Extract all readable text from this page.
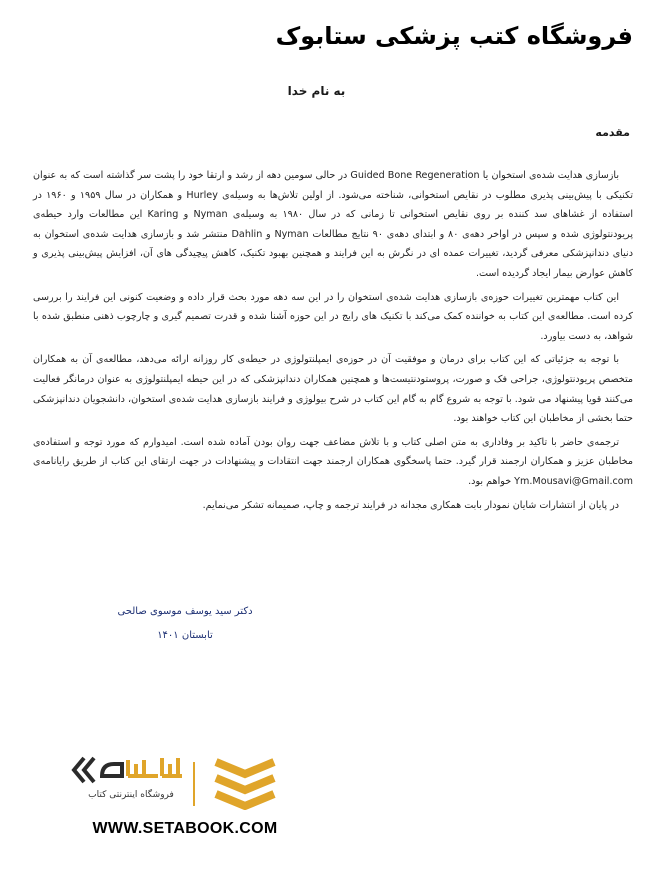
فروشگاه کتب پزشکی ستابوک
به نام خدا
مقدمه

بازسازی هدایت شده‌ی استخوان یا Guided Bone Regeneration در حالی سومین دهه از رشد و ارتقا خود را پشت سر گذاشته است که به عنوان تکنیکی با پیش‌بینی پذیری مطلوب در نقایص استخوانی، شناخته می‌شود. از اولین تلاش‌ها به وسیله‌ی Hurley و همکاران در سال ۱۹۵۹ و ۱۹۶۰ در استفاده از غشاهای سد کننده بر روی نقایص استخوانی تا زمانی که در سال ۱۹۸۰ به وسیله‌ی Nyman و Karing این مطالعات وارد حیطه‌ی پریودنتولوژی شده و سپس در اواخر دهه‌ی ۸۰ و ابتدای دهه‌ی ۹۰ نتایج مطالعات Nyman و Dahlin منتشر شد و بازسازی هدایت شده‌ی استخوان به دنیای دندانپزشکی معرفی گردید، تغییرات عمده ای در نگرش به این فرایند و همچنین بهبود تکنیک، کاهش پیچیدگی های آن، افزایش پیش‌بینی پذیری و کاهش عوارض بیمار ایجاد گردیده است.

این کتاب مهمترین تغییرات حوزه‌ی بازسازی هدایت شده‌ی استخوان را در این سه دهه مورد بحث قرار داده و وضعیت کنونی این فرایند را بررسی کرده است. مطالعه‌ی این کتاب به خواننده کمک می‌کند با تکنیک های رایج در این حوزه آشنا شده و قدرت تصمیم گیری و چارچوب ذهنی منطبق شده با شواهد، به دست بیاورد.

با توجه به جزئیاتی که این کتاب برای درمان و موفقیت آن در حوزه‌ی ایمپلنتولوژی در حیطه‌ی کار روزانه ارائه می‌دهد، مطالعه‌ی آن به همکاران متخصص پریودنتولوژی، جراحی فک و صورت، پروستودنتیست‌ها و همچنین همکاران دندانپزشکی که در این حیطه ایمپلنتولوژی به عنوان درمانگر فعالیت می‌کنند قویا پیشنهاد می شود. با توجه به شروع گام به گام این کتاب در شرح بیولوژی و فرایند بازسازی هدایت شده‌ی استخوان، دانشجویان دندانپزشکی حتما بخشی از مخاطبان این کتاب خواهند بود.

ترجمه‌ی حاضر با تاکید بر وفاداری به متن اصلی کتاب و با تلاش مضاعف جهت روان بودن آماده شده است. امیدوارم که مورد توجه و استفاده‌ی مخاطبان عزیز و همکاران ارجمند قرار گیرد. حتما پاسخگوی همکاران ارجمند جهت انتقادات و پیشنهادات در جهت ارتقای این کتاب از طریق رایانامه‌ی Ym.Mousavi@Gmail.com خواهم بود.

در پایان از انتشارات شایان نمودار بابت همکاری مجدانه در فرایند ترجمه و چاپ، صمیمانه تشکر می‌نمایم.

دکتر سید یوسف موسوی صالحی
تابستان ۱۴۰۱
فروشگاه اینترنتی کتاب
WWW.SETABOOK.COM
